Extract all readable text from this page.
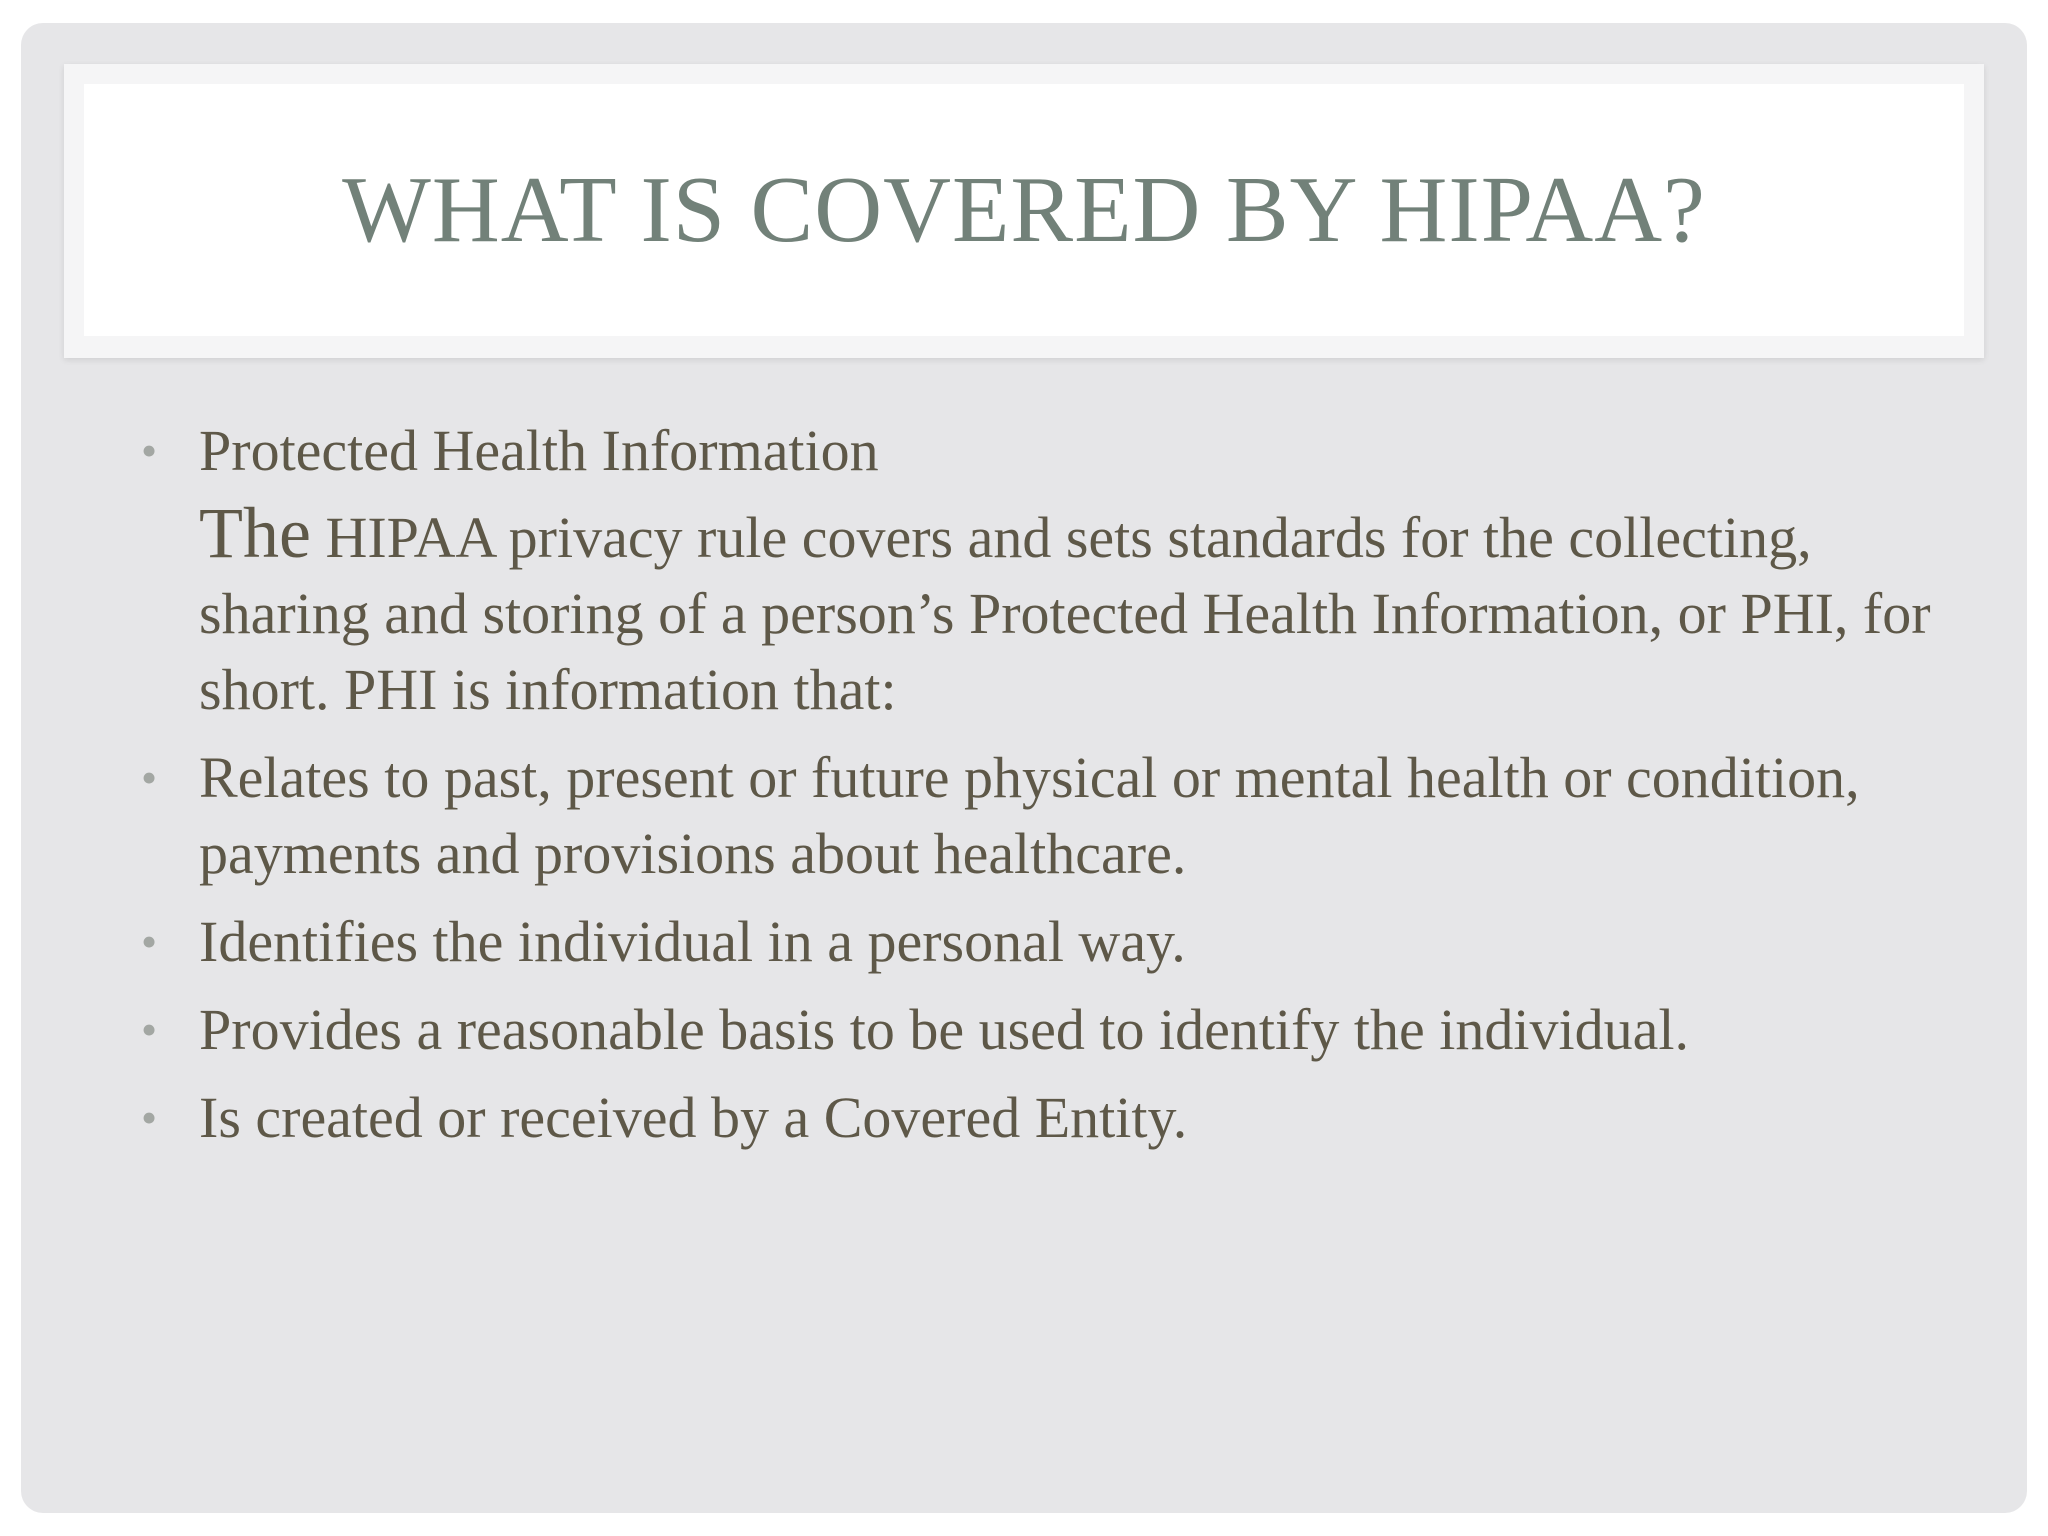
WHAT IS COVERED BY HIPAA?
• Protected Health Information
The HIPAA privacy rule covers and sets standards for the collecting, sharing and storing of a person’s Protected Health Information, or PHI, for short. PHI is information that:
• Relates to past, present or future physical or mental health or condition, payments and provisions about healthcare.
• Identifies the individual in a personal way.
• Provides a reasonable basis to be used to identify the individual.
• Is created or received by a Covered Entity.
